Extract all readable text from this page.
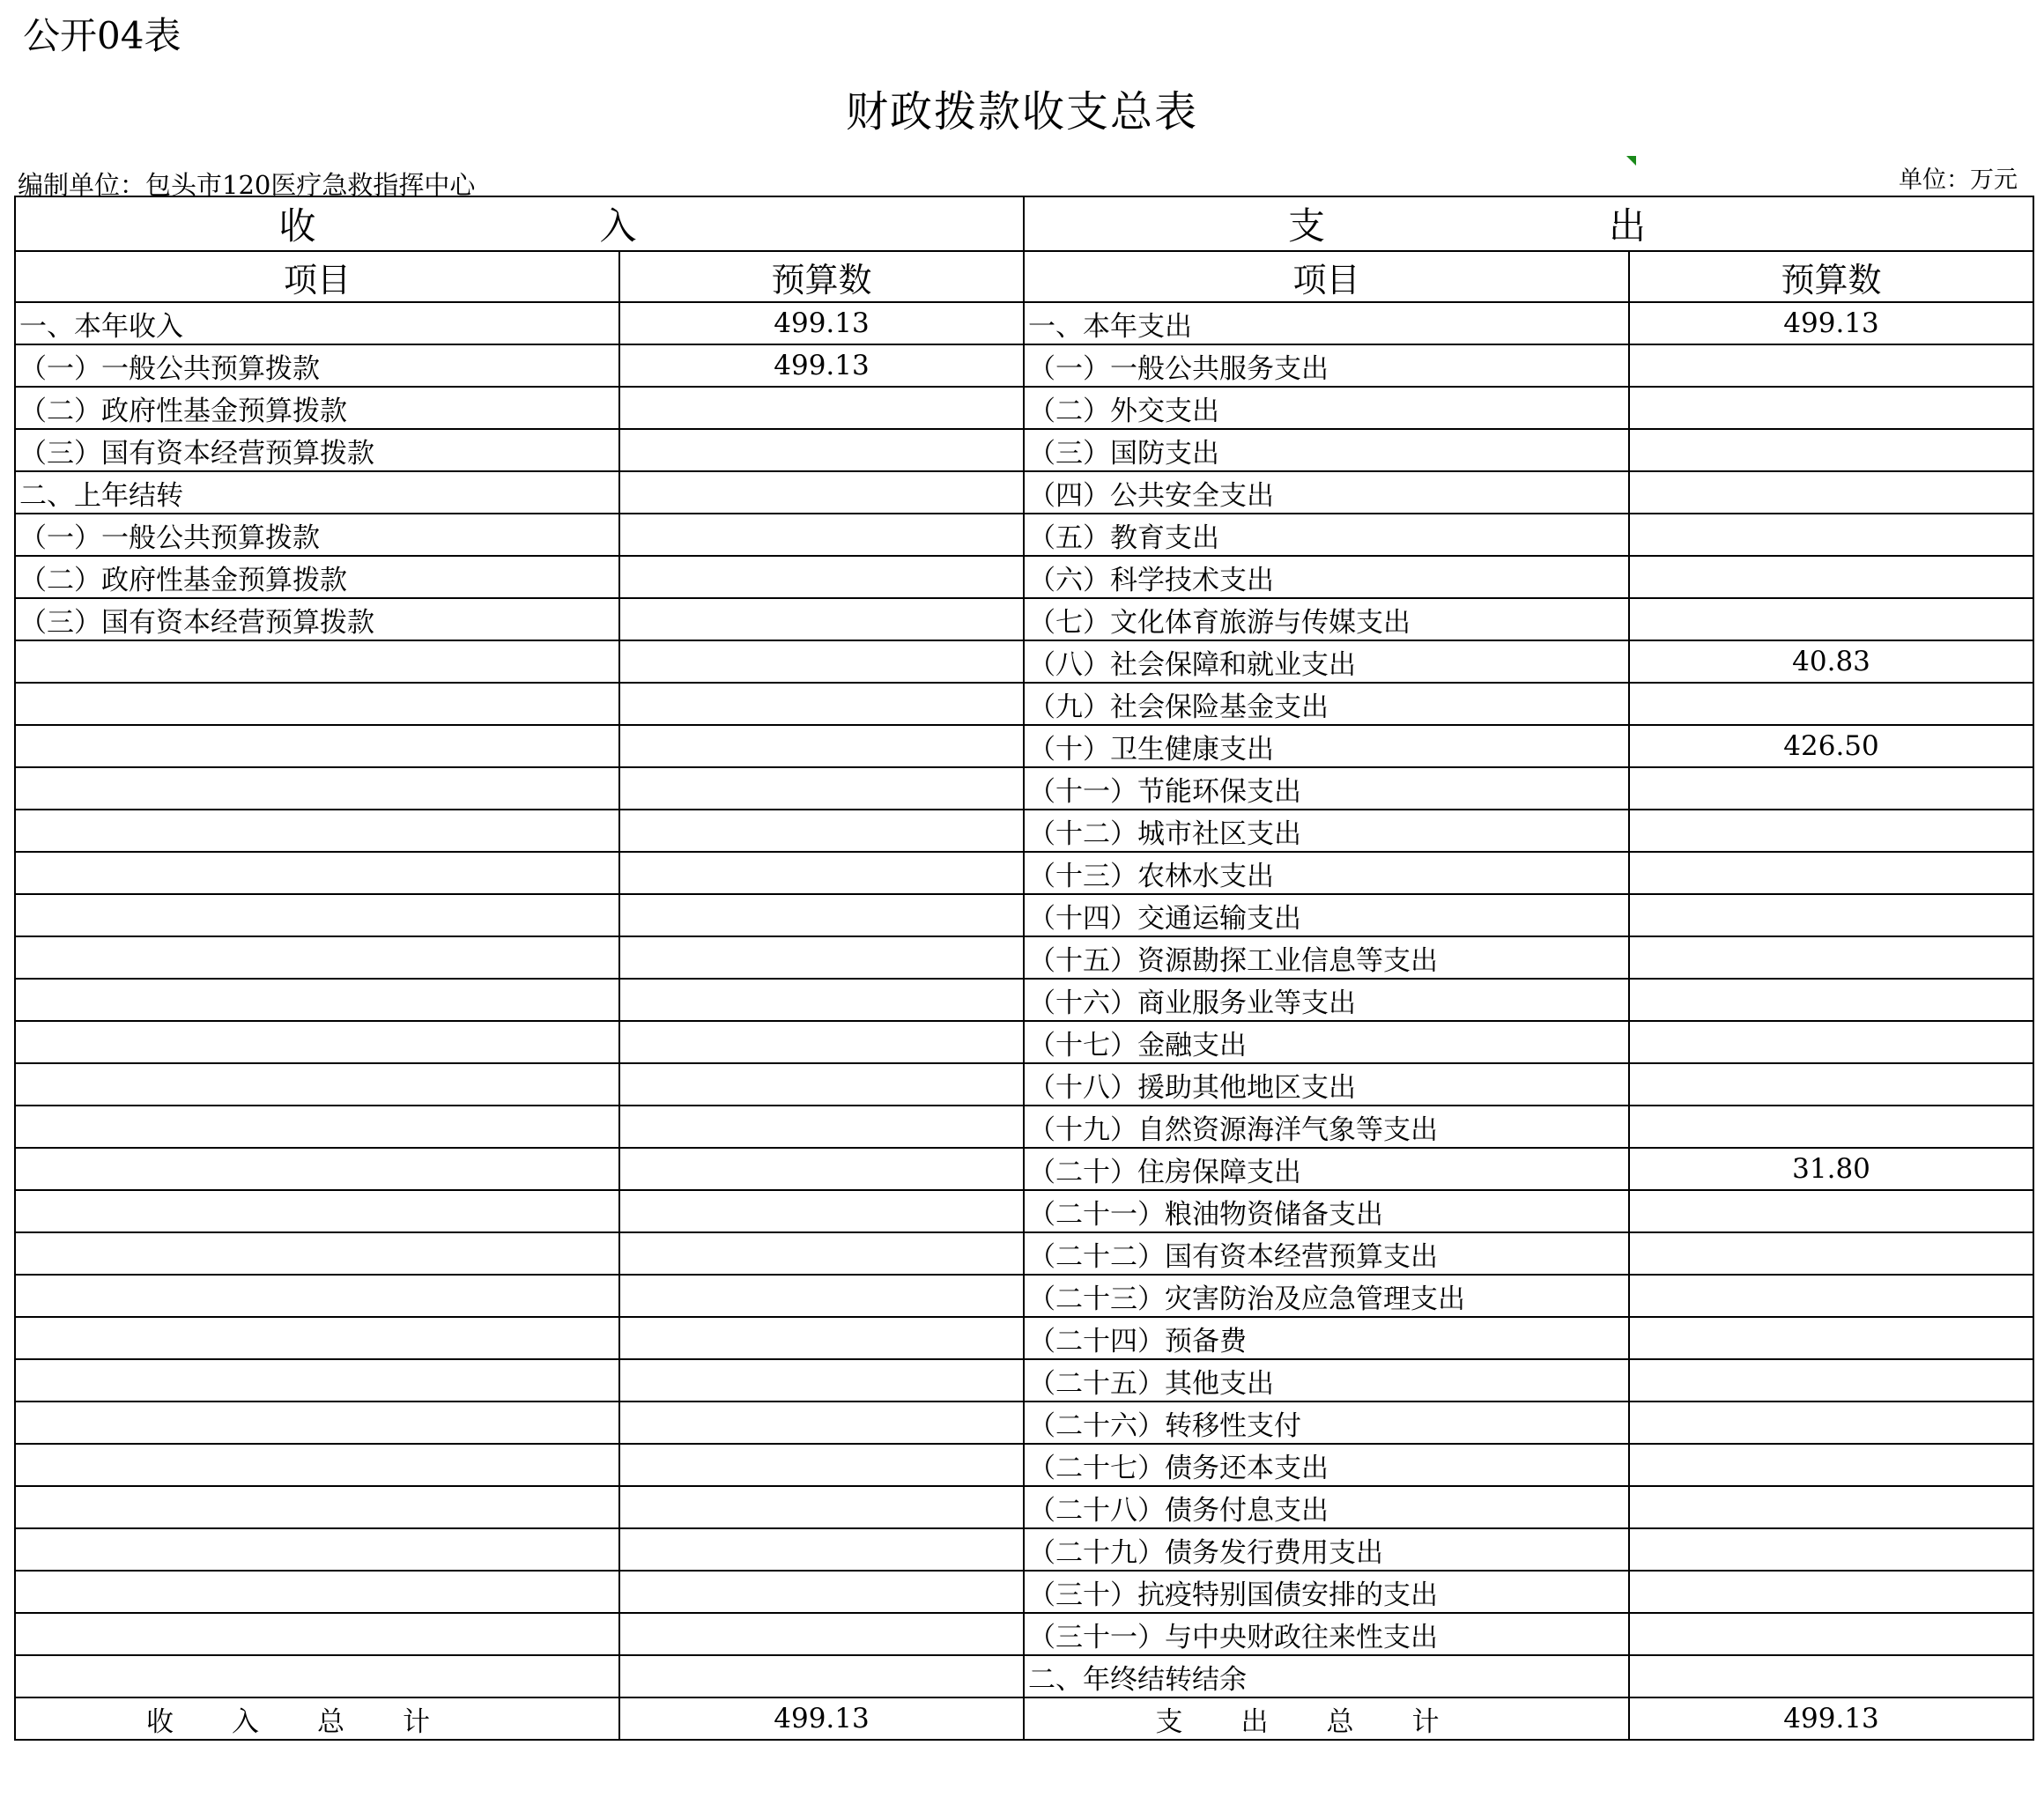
公开04表
财政拨款收支总表
编制单位：包头市120医疗急救指挥中心	单位：万元
收　入		支　出	
项目	预算数	项目	预算数
一、本年收入	499.13	一、本年支出	499.13
（一）一般公共预算拨款	499.13	（一）一般公共服务支出	
（二）政府性基金预算拨款		（二）外交支出	
（三）国有资本经营预算拨款		（三）国防支出	
二、上年结转		（四）公共安全支出	
（一）一般公共预算拨款		（五）教育支出	
（二）政府性基金预算拨款		（六）科学技术支出	
（三）国有资本经营预算拨款		（七）文化体育旅游与传媒支出	
		（八）社会保障和就业支出	40.83
		（九）社会保险基金支出	
		（十）卫生健康支出	426.50
		（十一）节能环保支出	
		（十二）城市社区支出	
		（十三）农林水支出	
		（十四）交通运输支出	
		（十五）资源勘探工业信息等支出	
		（十六）商业服务业等支出	
		（十七）金融支出	
		（十八）援助其他地区支出	
		（十九）自然资源海洋气象等支出	
		（二十）住房保障支出	31.80
		（二十一）粮油物资储备支出	
		（二十二）国有资本经营预算支出	
		（二十三）灾害防治及应急管理支出	
		（二十四）预备费	
		（二十五）其他支出	
		（二十六）转移性支付	
		（二十七）债务还本支出	
		（二十八）债务付息支出	
		（二十九）债务发行费用支出	
		（三十）抗疫特别国债安排的支出	
		（三十一）与中央财政往来性支出	
		二、年终结转结余	
收入总计	499.13	支出总计	499.13
